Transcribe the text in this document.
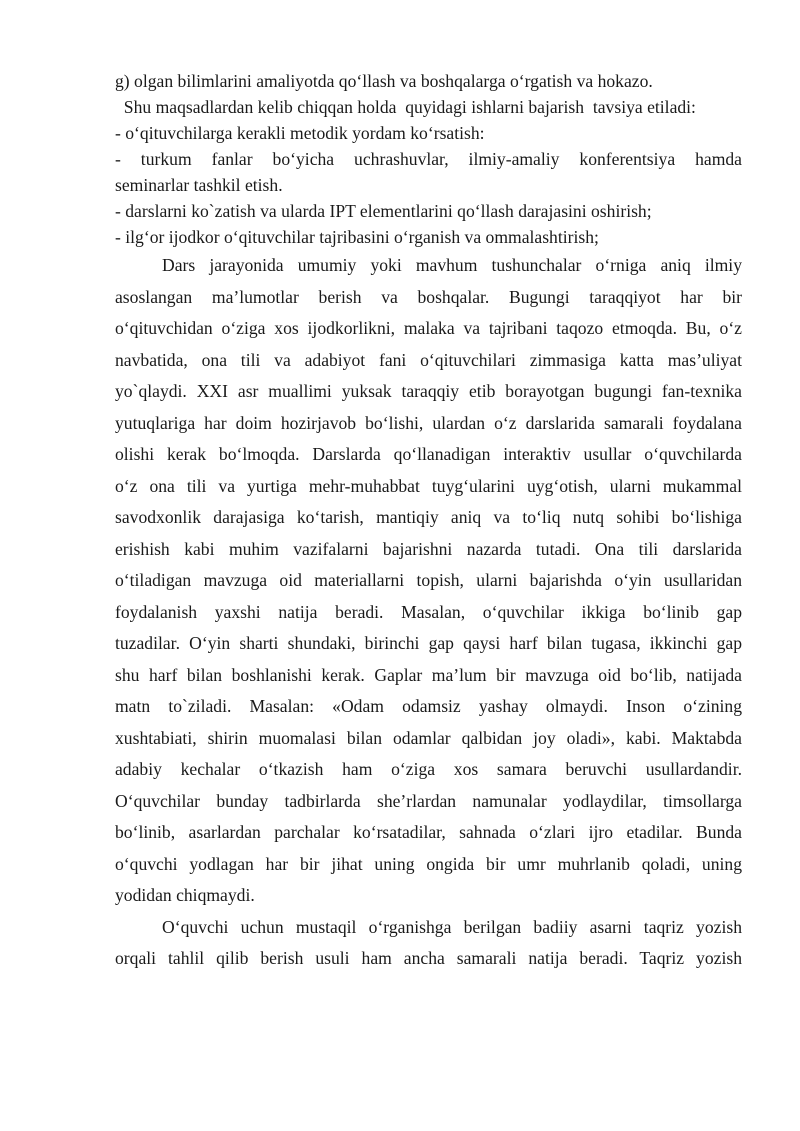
g) olgan bilimlarini amaliyotda qo‘llash va boshqalarga o‘rgatish va hokazo.
Shu maqsadlardan kelib chiqqan holda  quyidagi ishlarni bajarish  tavsiya etiladi:
- o‘qituvchilarga kerakli metodik yordam ko‘rsatish:
- turkum fanlar bo‘yicha uchrashuvlar, ilmiy-amaliy konferentsiya hamda
seminarlar tashkil etish.
- darslarni ko`zatish va ularda IPT elementlarini qo‘llash darajasini oshirish;
- ilg‘or ijodkor o‘qituvchilar tajribasini o‘rganish va ommalashtirish;
Dars jarayonida umumiy yoki mavhum tushunchalar o‘rniga aniq ilmiy
asoslangan ma’lumotlar berish va boshqalar. Bugungi taraqqiyot har bir
o‘qituvchidan o‘ziga xos ijodkorlikni, malaka va tajribani taqozo etmoqda. Bu, o‘z
navbatida, ona tili va adabiyot fani o‘qituvchilari zimmasiga katta mas’uliyat
yo`qlaydi. XXI asr muallimi yuksak taraqqiy etib borayotgan bugungi fan-texnika
yutuqlariga har doim hozirjavob bo‘lishi, ulardan o‘z darslarida samarali foydalana
olishi kerak bo‘lmoqda. Darslarda qo‘llanadigan interaktiv usullar o‘quvchilarda
o‘z ona tili va yurtiga mehr-muhabbat tuyg‘ularini uyg‘otish, ularni mukammal
savodxonlik darajasiga ko‘tarish, mantiqiy aniq va to‘liq nutq sohibi bo‘lishiga
erishish kabi muhim vazifalarni bajarishni nazarda tutadi. Ona tili darslarida
o‘tiladigan mavzuga oid materiallarni topish, ularni bajarishda o‘yin usullaridan
foydalanish yaxshi natija beradi. Masalan, o‘quvchilar ikkiga bo‘linib gap
tuzadilar. O‘yin sharti shundaki, birinchi gap qaysi harf bilan tugasa, ikkinchi gap
shu harf bilan boshlanishi kerak. Gaplar ma’lum bir mavzuga oid bo‘lib, natijada
matn to`ziladi. Masalan: «Odam odamsiz yashay olmaydi. Inson o‘zining
xushtabiati, shirin muomalasi bilan odamlar qalbidan joy oladi», kabi. Maktabda
adabiy kechalar o‘tkazish ham o‘ziga xos samara beruvchi usullardandir.
O‘quvchilar bunday tadbirlarda she’rlardan namunalar yodlaydilar, timsollarga
bo‘linib, asarlardan parchalar ko‘rsatadilar, sahnada o‘zlari ijro etadilar. Bunda
o‘quvchi yodlagan har bir jihat uning ongida bir umr muhrlanib qoladi, uning
yodidan chiqmaydi.
O‘quvchi uchun mustaqil o‘rganishga berilgan badiiy asarni taqriz yozish
orqali tahlil qilib berish usuli ham ancha samarali natija beradi. Taqriz yozish
